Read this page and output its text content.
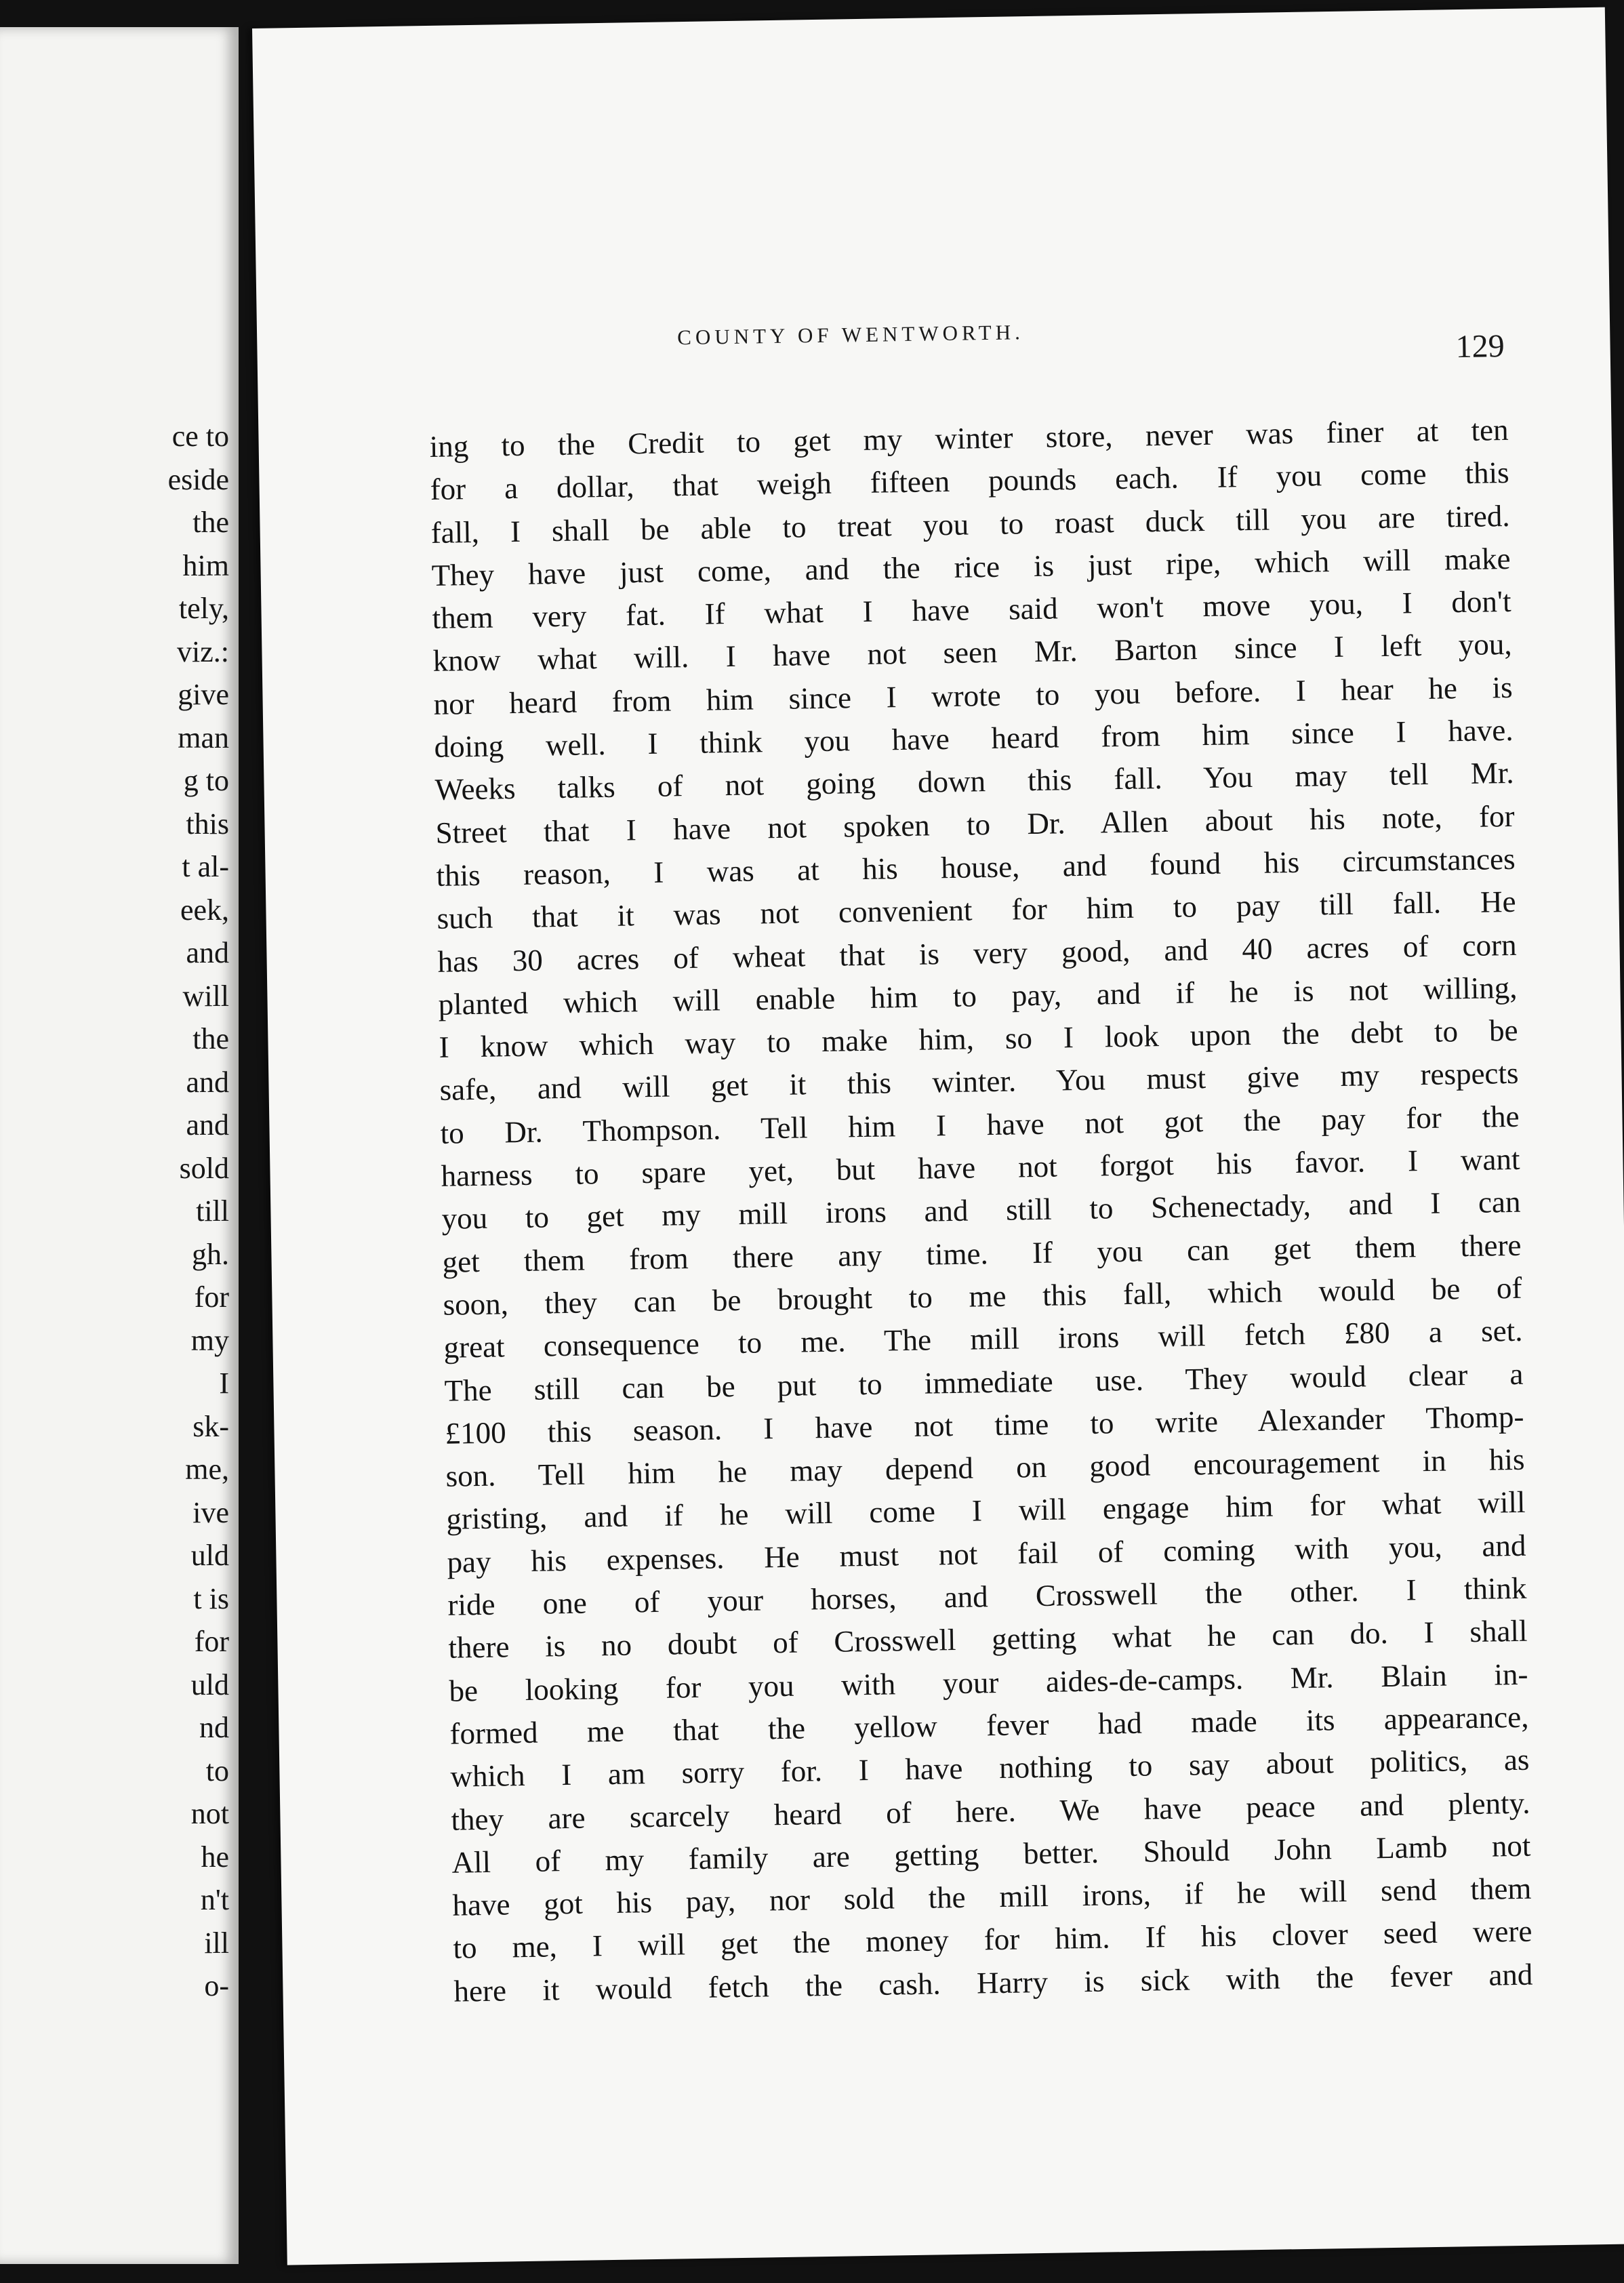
ce to
eside
the
him
tely,
viz.:
give
man
g to
this
t al-
eek,
and
will
the
and
and
sold
till
gh.
for
my
I
sk-
me,
ive
uld
t is
for
uld
nd
to
not
he
n't
ill
o-
COUNTY OF WENTWORTH.	129
ing to the Credit to get my winter store, never was finer at ten
for a dollar, that weigh fifteen pounds each. If you come this
fall, I shall be able to treat you to roast duck till you are tired.
They have just come, and the rice is just ripe, which will make
them very fat. If what I have said won't move you, I don't
know what will. I have not seen Mr. Barton since I left you,
nor heard from him since I wrote to you before. I hear he is
doing well. I think you have heard from him since I have.
Weeks talks of not going down this fall. You may tell Mr.
Street that I have not spoken to Dr. Allen about his note, for
this reason, I was at his house, and found his circumstances
such that it was not convenient for him to pay till fall. He
has 30 acres of wheat that is very good, and 40 acres of corn
planted which will enable him to pay, and if he is not willing,
I know which way to make him, so I look upon the debt to be
safe, and will get it this winter. You must give my respects
to Dr. Thompson. Tell him I have not got the pay for the
harness to spare yet, but have not forgot his favor. I want
you to get my mill irons and still to Schenectady, and I can
get them from there any time. If you can get them there
soon, they can be brought to me this fall, which would be of
great consequence to me. The mill irons will fetch £80 a set.
The still can be put to immediate use. They would clear a
£100 this season. I have not time to write Alexander Thomp-
son. Tell him he may depend on good encouragement in his
gristing, and if he will come I will engage him for what will
pay his expenses. He must not fail of coming with you, and
ride one of your horses, and Crosswell the other. I think
there is no doubt of Crosswell getting what he can do. I shall
be looking for you with your aides-de-camps. Mr. Blain in-
formed me that the yellow fever had made its appearance,
which I am sorry for. I have nothing to say about politics, as
they are scarcely heard of here. We have peace and plenty.
All of my family are getting better. Should John Lamb not
have got his pay, nor sold the mill irons, if he will send them
to me, I will get the money for him. If his clover seed were
here it would fetch the cash. Harry is sick with the fever and
